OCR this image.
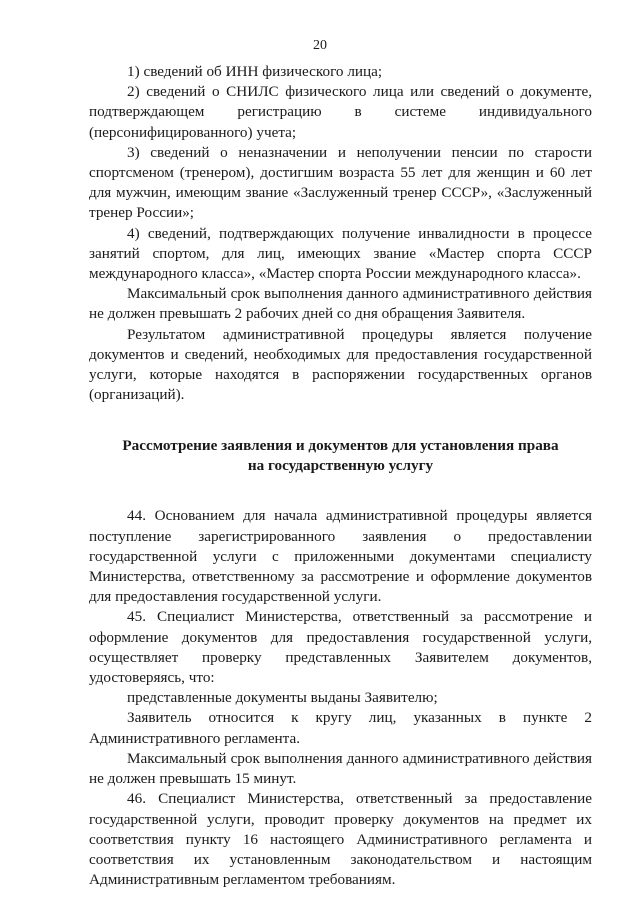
20

1) сведений об ИНН физического лица;

2) сведений о СНИЛС физического лица или сведений о документе, подтверждающем регистрацию в системе индивидуального (персонифицированного) учета;

3) сведений о неназначении и неполучении пенсии по старости спортсменом (тренером), достигшим возраста 55 лет для женщин и 60 лет для мужчин, имеющим звание «Заслуженный тренер СССР», «Заслуженный тренер России»;

4) сведений, подтверждающих получение инвалидности в процессе занятий спортом, для лиц, имеющих звание «Мастер спорта СССР международного класса», «Мастер спорта России международного класса».

Максимальный срок выполнения данного административного действия не должен превышать 2 рабочих дней со дня обращения Заявителя.

Результатом административной процедуры является получение документов и сведений, необходимых для предоставления государственной услуги, которые находятся в распоряжении государственных органов (организаций).

Рассмотрение заявления и документов для установления права
на государственную услугу

44. Основанием для начала административной процедуры является поступление зарегистрированного заявления о предоставлении государственной услуги с приложенными документами специалисту Министерства, ответственному за рассмотрение и оформление документов для предоставления государственной услуги.

45. Специалист Министерства, ответственный за рассмотрение и оформление документов для предоставления государственной услуги, осуществляет проверку представленных Заявителем документов, удостоверяясь, что:

представленные документы выданы Заявителю;

Заявитель относится к кругу лиц, указанных в пункте 2 Административного регламента.

Максимальный срок выполнения данного административного действия не должен превышать 15 минут.

46. Специалист Министерства, ответственный за предоставление государственной услуги, проводит проверку документов на предмет их соответствия пункту 16 настоящего Административного регламента и соответствия их установленным законодательством и настоящим Административным регламентом требованиям.
